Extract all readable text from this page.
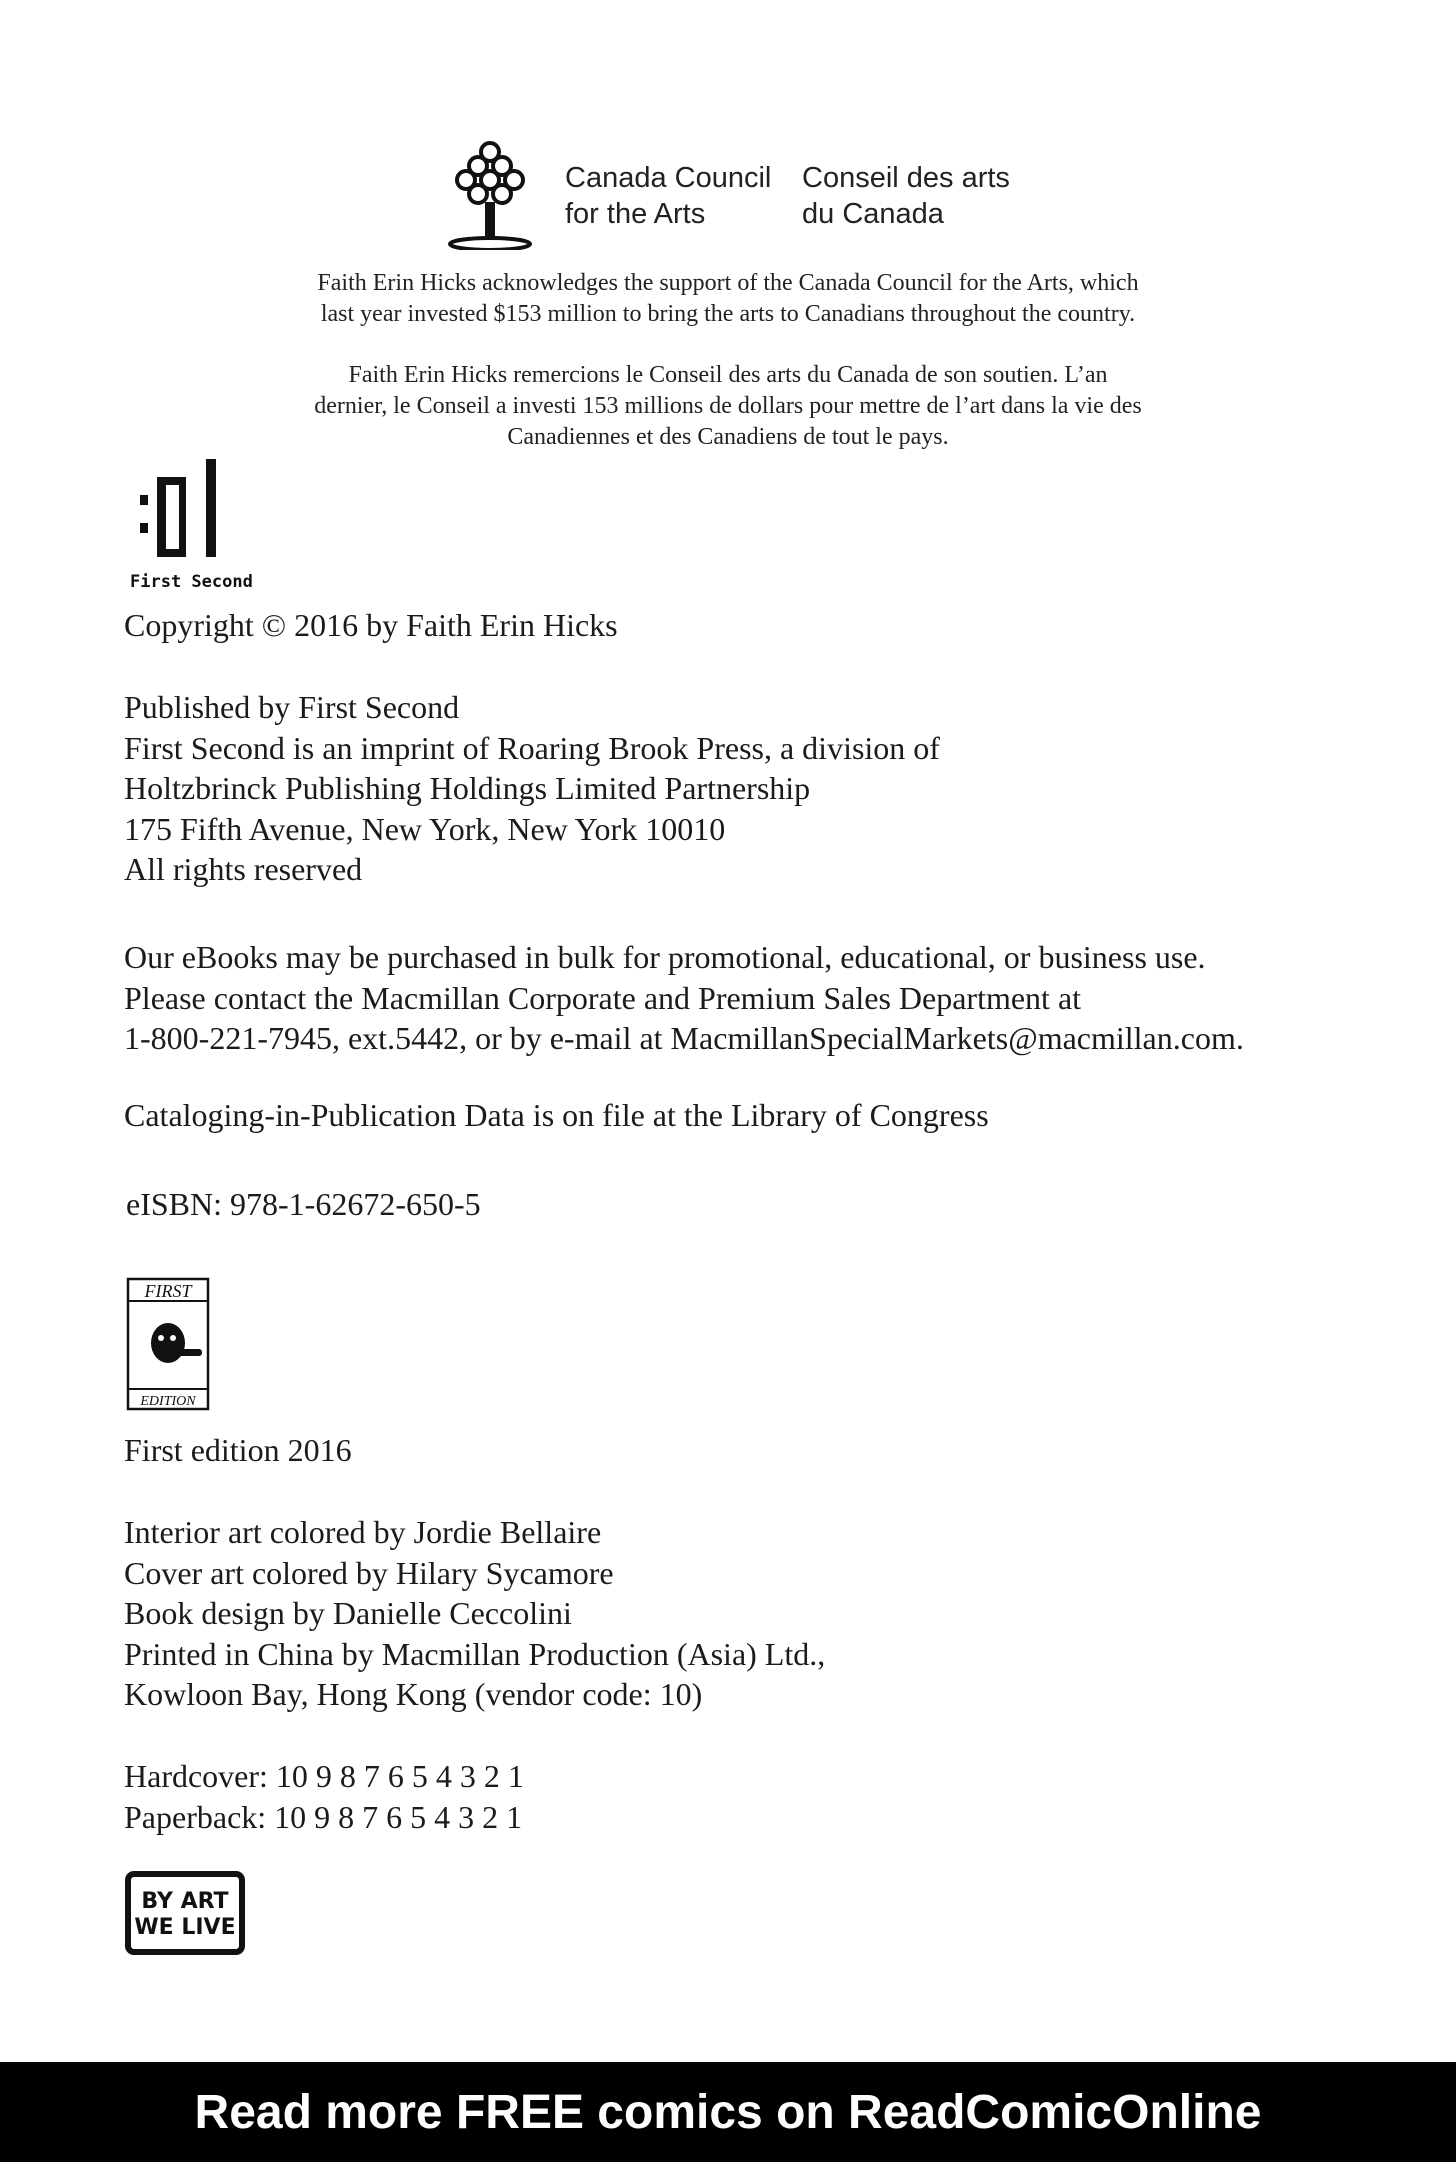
Canada Council
for the Arts
Conseil des arts
du Canada

Faith Erin Hicks acknowledges the support of the Canada Council for the Arts, which

last year invested $153 million to bring the arts to Canadians throughout the country.

Faith Erin Hicks remercions le Conseil des arts du Canada de son soutien. L’an

dernier, le Conseil a investi 153 millions de dollars pour mettre de l’art dans la vie des

Canadiennes et des Canadiens de tout le pays.

First Second

Copyright © 2016 by Faith Erin Hicks

Published by First Second

First Second is an imprint of Roaring Brook Press, a division of

Holtzbrinck Publishing Holdings Limited Partnership

175 Fifth Avenue, New York, New York 10010

All rights reserved

Our eBooks may be purchased in bulk for promotional, educational, or business use.

Please contact the Macmillan Corporate and Premium Sales Department at

1-800-221-7945, ext.5442, or by e-mail at MacmillanSpecialMarkets@macmillan.com.

Cataloging-in-Publication Data is on file at the Library of Congress

eISBN: 978-1-62672-650-5

FIRST
EDITION

First edition 2016

Interior art colored by Jordie Bellaire

Cover art colored by Hilary Sycamore

Book design by Danielle Ceccolini

Printed in China by Macmillan Production (Asia) Ltd.,

Kowloon Bay, Hong Kong (vendor code: 10)

Hardcover: 10 9 8 7 6 5 4 3 2 1

Paperback: 10 9 8 7 6 5 4 3 2 1

BY ART
WE LIVE
Read more FREE comics on ReadComicOnline
